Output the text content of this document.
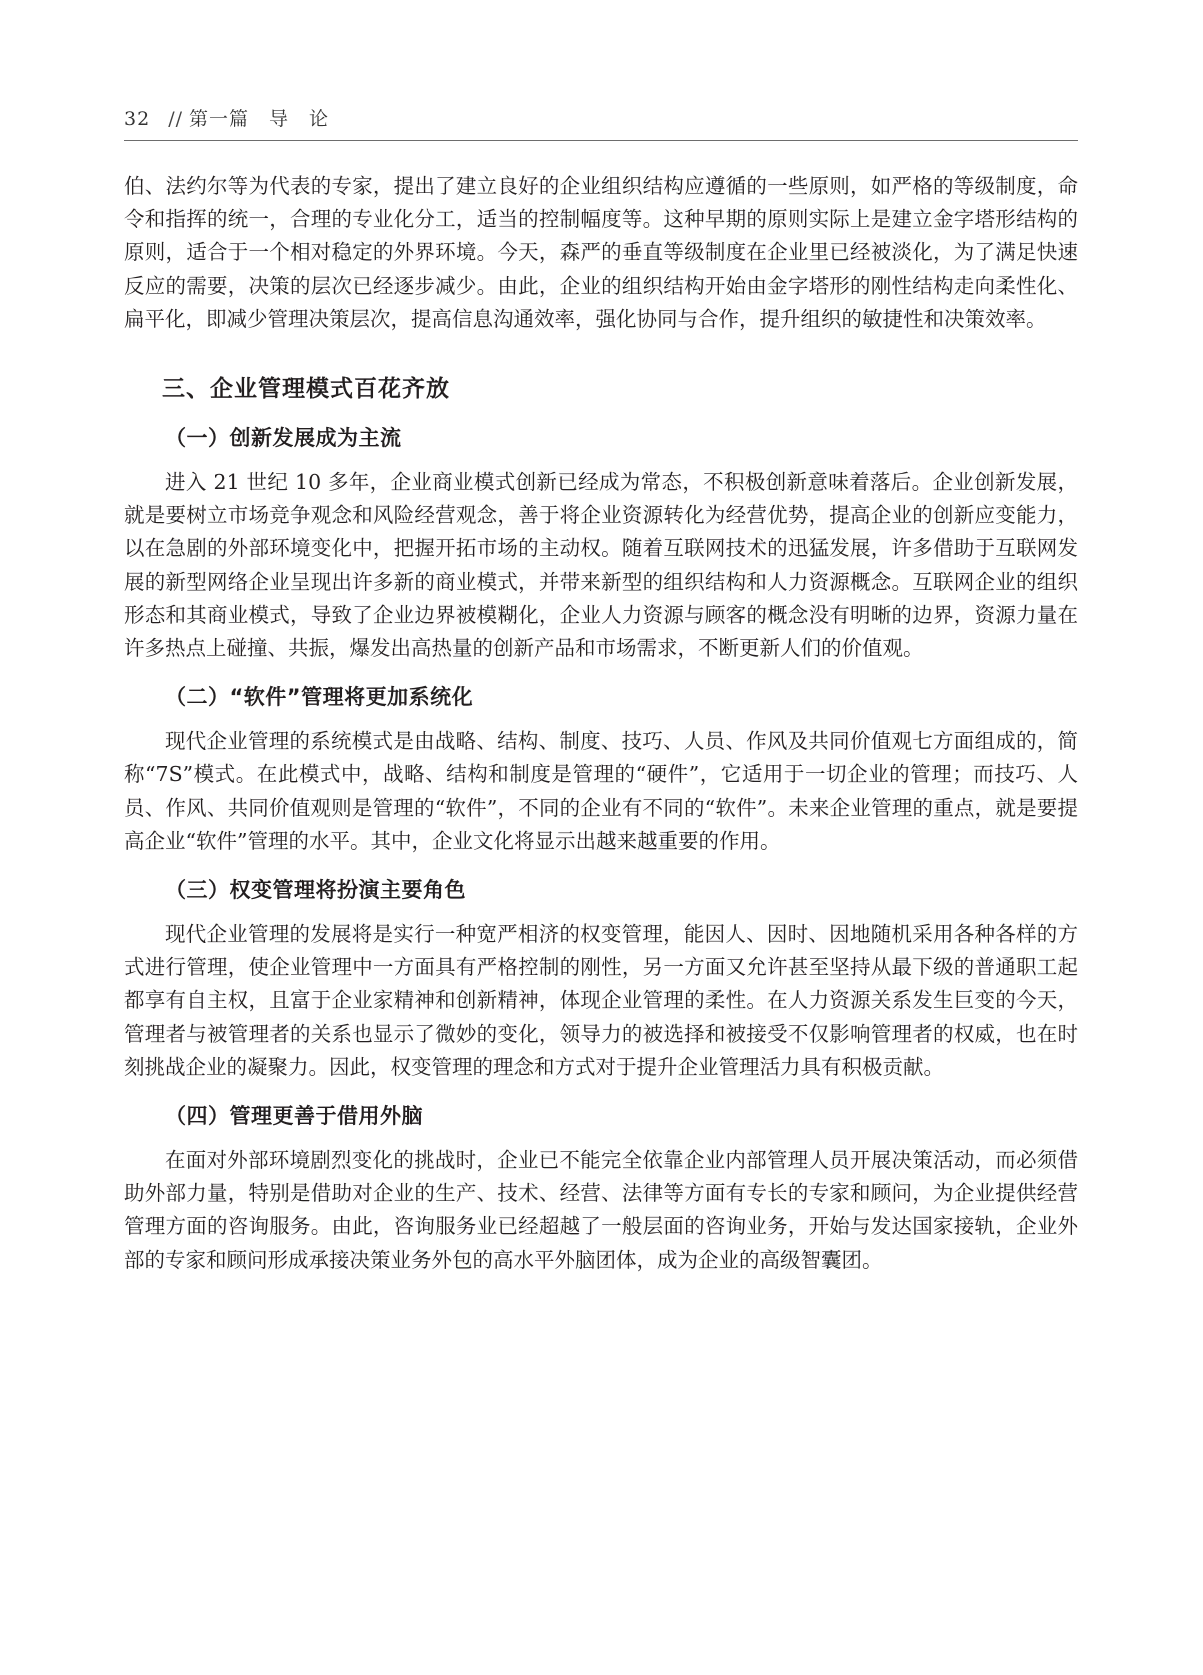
32 // 第一篇　导　论

伯、法约尔等为代表的专家，提出了建立良好的企业组织结构应遵循的一些原则，如严格的等级制度，命令和指挥的统一，合理的专业化分工，适当的控制幅度等。这种早期的原则实际上是建立金字塔形结构的原则，适合于一个相对稳定的外界环境。今天，森严的垂直等级制度在企业里已经被淡化，为了满足快速反应的需要，决策的层次已经逐步减少。由此，企业的组织结构开始由金字塔形的刚性结构走向柔性化、扁平化，即减少管理决策层次，提高信息沟通效率，强化协同与合作，提升组织的敏捷性和决策效率。

三、企业管理模式百花齐放
（一）创新发展成为主流

进入 21 世纪 10 多年，企业商业模式创新已经成为常态，不积极创新意味着落后。企业创新发展，就是要树立市场竞争观念和风险经营观念，善于将企业资源转化为经营优势，提高企业的创新应变能力，以在急剧的外部环境变化中，把握开拓市场的主动权。随着互联网技术的迅猛发展，许多借助于互联网发展的新型网络企业呈现出许多新的商业模式，并带来新型的组织结构和人力资源概念。互联网企业的组织形态和其商业模式，导致了企业边界被模糊化，企业人力资源与顾客的概念没有明晰的边界，资源力量在许多热点上碰撞、共振，爆发出高热量的创新产品和市场需求，不断更新人们的价值观。

（二）“软件”管理将更加系统化

现代企业管理的系统模式是由战略、结构、制度、技巧、人员、作风及共同价值观七方面组成的，简称“7S”模式。在此模式中，战略、结构和制度是管理的“硬件”，它适用于一切企业的管理；而技巧、人员、作风、共同价值观则是管理的“软件”，不同的企业有不同的“软件”。未来企业管理的重点，就是要提高企业“软件”管理的水平。其中，企业文化将显示出越来越重要的作用。

（三）权变管理将扮演主要角色

现代企业管理的发展将是实行一种宽严相济的权变管理，能因人、因时、因地随机采用各种各样的方式进行管理，使企业管理中一方面具有严格控制的刚性，另一方面又允许甚至坚持从最下级的普通职工起都享有自主权，且富于企业家精神和创新精神，体现企业管理的柔性。在人力资源关系发生巨变的今天，管理者与被管理者的关系也显示了微妙的变化，领导力的被选择和被接受不仅影响管理者的权威，也在时刻挑战企业的凝聚力。因此，权变管理的理念和方式对于提升企业管理活力具有积极贡献。

（四）管理更善于借用外脑

在面对外部环境剧烈变化的挑战时，企业已不能完全依靠企业内部管理人员开展决策活动，而必须借助外部力量，特别是借助对企业的生产、技术、经营、法律等方面有专长的专家和顾问，为企业提供经营管理方面的咨询服务。由此，咨询服务业已经超越了一般层面的咨询业务，开始与发达国家接轨，企业外部的专家和顾问形成承接决策业务外包的高水平外脑团体，成为企业的高级智囊团。
